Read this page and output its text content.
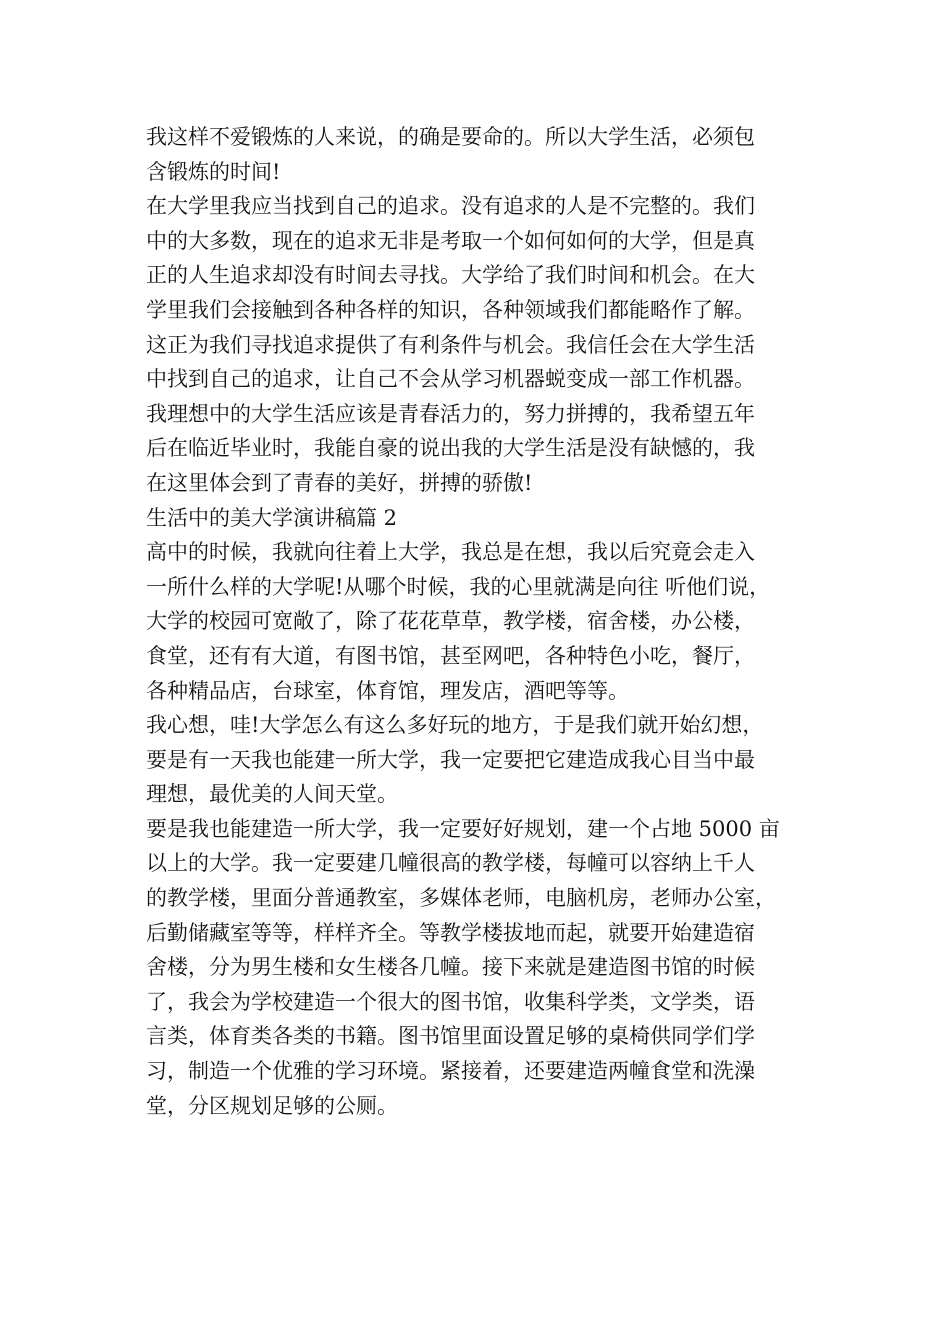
我这样不爱锻炼的人来说，的确是要命的。所以大学生活，必须包
含锻炼的时间!

在大学里我应当找到自己的追求。没有追求的人是不完整的。我们
中的大多数，现在的追求无非是考取一个如何如何的大学，但是真
正的人生追求却没有时间去寻找。大学给了我们时间和机会。在大
学里我们会接触到各种各样的知识，各种领域我们都能略作了解。
这正为我们寻找追求提供了有利条件与机会。我信任会在大学生活
中找到自己的追求，让自己不会从学习机器蜕变成一部工作机器。

我理想中的大学生活应该是青春活力的，努力拼搏的，我希望五年
后在临近毕业时，我能自豪的说出我的大学生活是没有缺憾的，我
在这里体会到了青春的美好，拼搏的骄傲!

生活中的美大学演讲稿篇 2

高中的时候，我就向往着上大学，我总是在想，我以后究竟会走入
一所什么样的大学呢!从哪个时候，我的心里就满是向往 听他们说，
大学的校园可宽敞了，除了花花草草，教学楼，宿舍楼，办公楼，
食堂，还有有大道，有图书馆，甚至网吧，各种特色小吃，餐厅，
各种精品店，台球室，体育馆，理发店，酒吧等等。

我心想，哇!大学怎么有这么多好玩的地方，于是我们就开始幻想，
要是有一天我也能建一所大学，我一定要把它建造成我心目当中最
理想，最优美的人间天堂。

要是我也能建造一所大学，我一定要好好规划，建一个占地 5000 亩
以上的大学。我一定要建几幢很高的教学楼，每幢可以容纳上千人
的教学楼，里面分普通教室，多媒体老师，电脑机房，老师办公室，
后勤储藏室等等，样样齐全。等教学楼拔地而起，就要开始建造宿
舍楼，分为男生楼和女生楼各几幢。接下来就是建造图书馆的时候
了，我会为学校建造一个很大的图书馆，收集科学类，文学类，语
言类，体育类各类的书籍。图书馆里面设置足够的桌椅供同学们学
习，制造一个优雅的学习环境。紧接着，还要建造两幢食堂和洗澡
堂，分区规划足够的公厕。
